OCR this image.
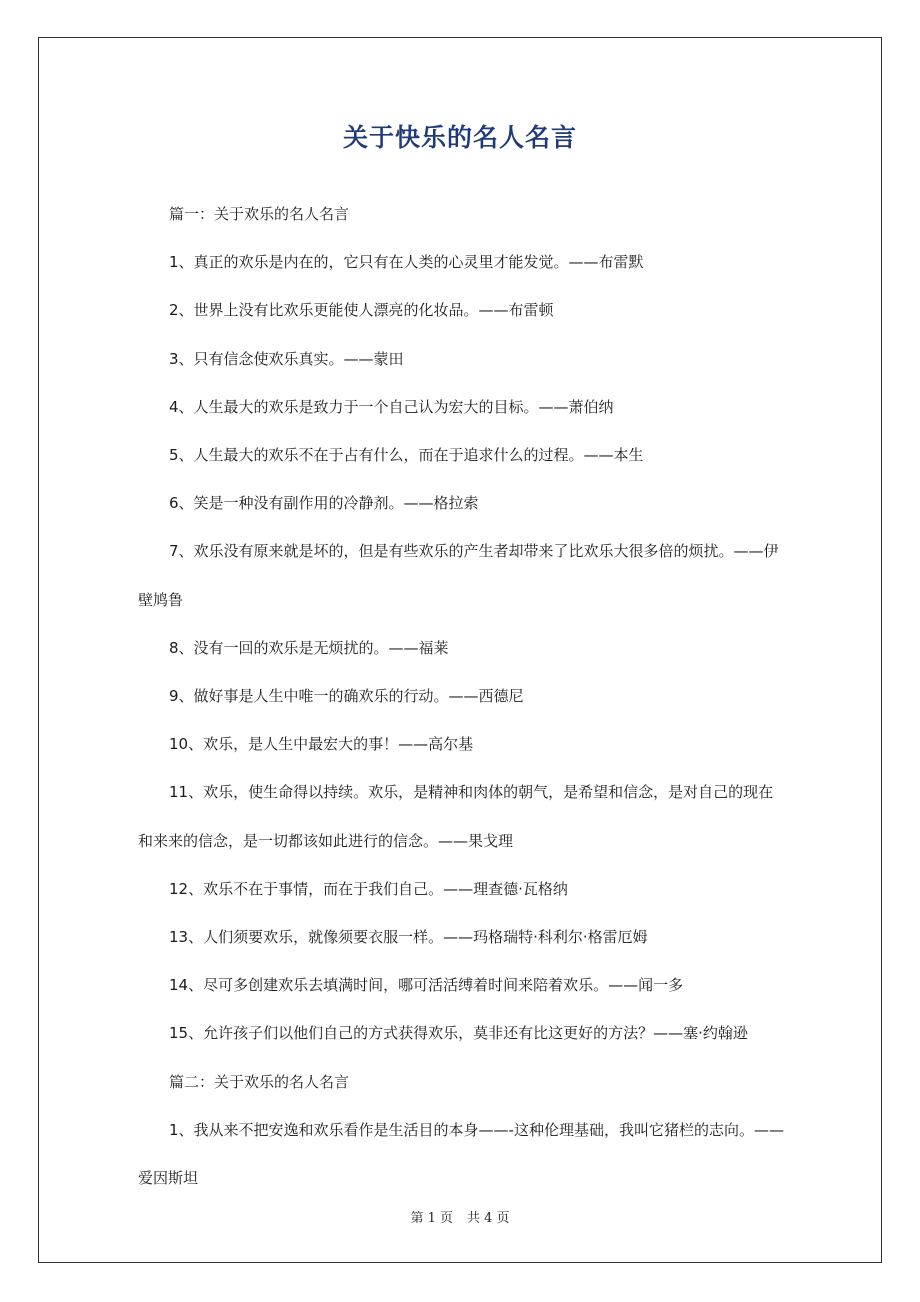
关于快乐的名人名言

篇一：关于欢乐的名人名言

1、真正的欢乐是内在的，它只有在人类的心灵里才能发觉。——布雷默

2、世界上没有比欢乐更能使人漂亮的化妆品。——布雷顿

3、只有信念使欢乐真实。——蒙田

4、人生最大的欢乐是致力于一个自己认为宏大的目标。——萧伯纳

5、人生最大的欢乐不在于占有什么，而在于追求什么的过程。——本生

6、笑是一种没有副作用的冷静剂。——格拉索

7、欢乐没有原来就是坏的，但是有些欢乐的产生者却带来了比欢乐大很多倍的烦扰。——伊壁鸠鲁

8、没有一回的欢乐是无烦扰的。——福莱

9、做好事是人生中唯一的确欢乐的行动。——西德尼

10、欢乐，是人生中最宏大的事！——高尔基

11、欢乐，使生命得以持续。欢乐，是精神和肉体的朝气，是希望和信念，是对自己的现在和来来的信念，是一切都该如此进行的信念。——果戈理

12、欢乐不在于事情，而在于我们自己。——理查德·瓦格纳

13、人们须要欢乐，就像须要衣服一样。——玛格瑞特·科利尔·格雷厄姆

14、尽可多创建欢乐去填满时间，哪可活活缚着时间来陪着欢乐。——闻一多

15、允许孩子们以他们自己的方式获得欢乐，莫非还有比这更好的方法？——塞·约翰逊

篇二：关于欢乐的名人名言

1、我从来不把安逸和欢乐看作是生活目的本身——-这种伦理基础，我叫它猪栏的志向。——爱因斯坦

第 1 页 共 4 页
